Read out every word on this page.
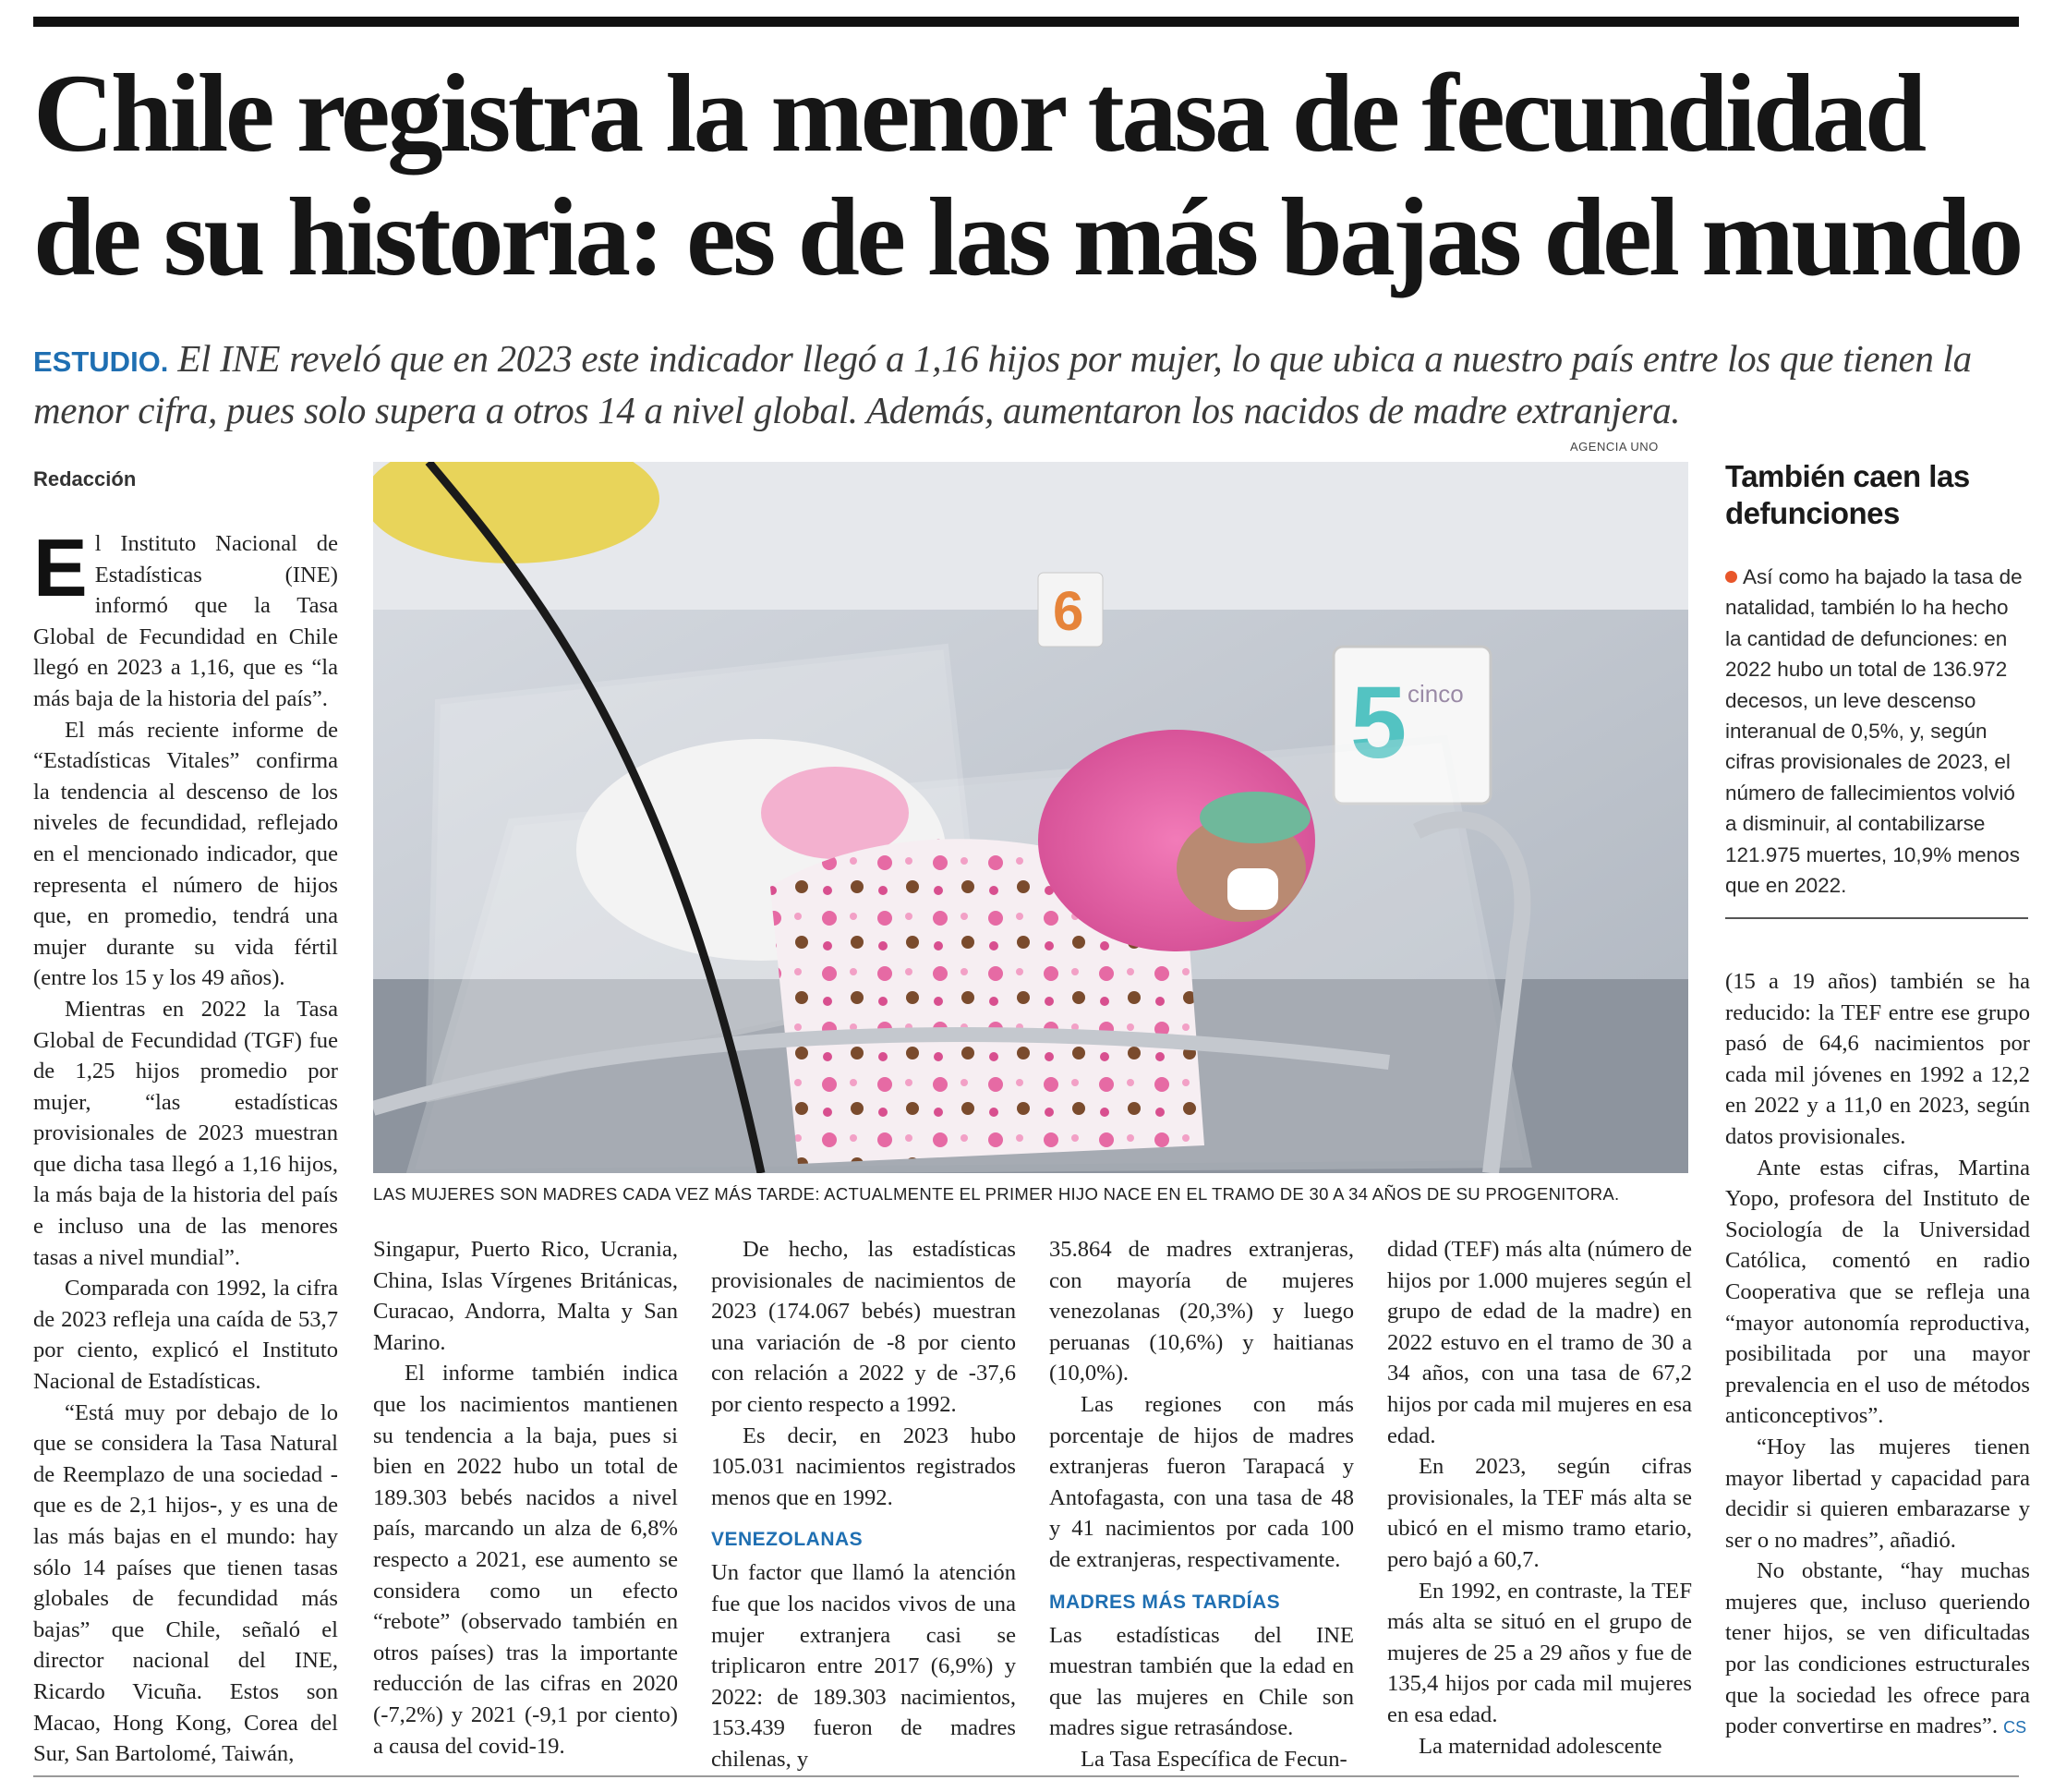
Chile registra la menor tasa de fecundidad
de su historia: es de las más bajas del mundo

ESTUDIO. El INE reveló que en 2023 este indicador llegó a 1,16 hijos por mujer, lo que ubica a nuestro país entre los que tienen la menor cifra, pues solo supera a otros 14 a nivel global. Además, aumentaron los nacidos de madre extranjera.

Redacción

El Instituto Nacional de Estadísticas (INE) informó que la Tasa Global de Fecundidad en Chile llegó en 2023 a 1,16, que es “la más baja de la historia del país”.

El más reciente informe de “Estadísticas Vitales” confirma la tendencia al descenso de los niveles de fecundidad, reflejado en el mencionado indicador, que representa el número de hijos que, en promedio, tendrá una mujer durante su vida fértil (entre los 15 y los 49 años).

Mientras en 2022 la Tasa Global de Fecundidad (TGF) fue de 1,25 hijos promedio por mujer, “las estadísticas provisionales de 2023 muestran que dicha tasa llegó a 1,16 hijos, la más baja de la historia del país e incluso una de las menores tasas a nivel mundial”.

Comparada con 1992, la cifra de 2023 refleja una caída de 53,7 por ciento, explicó el Instituto Nacional de Estadísticas.

“Está muy por debajo de lo que se considera la Tasa Natural de Reemplazo de una sociedad -que es de 2,1 hijos-, y es una de las más bajas en el mundo: hay sólo 14 países que tienen tasas globales de fecundidad más bajas” que Chile, señaló el director nacional del INE, Ricardo Vicuña. Estos son Macao, Hong Kong, Corea del Sur, San Bartolomé, Taiwán,

AGENCIA UNO
6
5 cinco
LAS MUJERES SON MADRES CADA VEZ MÁS TARDE: ACTUALMENTE EL PRIMER HIJO NACE EN EL TRAMO DE 30 A 34 AÑOS DE SU PROGENITORA.

Singapur, Puerto Rico, Ucrania, China, Islas Vírgenes Británicas, Curacao, Andorra, Malta y San Marino.

El informe también indica que los nacimientos mantienen su tendencia a la baja, pues si bien en 2022 hubo un total de 189.303 bebés nacidos a nivel país, marcando un alza de 6,8% respecto a 2021, ese aumento se considera como un efecto “rebote” (observado también en otros países) tras la importante reducción de las cifras en 2020 (-7,2%) y 2021 (-9,1 por ciento) a causa del covid-19.

De hecho, las estadísticas provisionales de nacimientos de 2023 (174.067 bebés) muestran una variación de -8 por ciento con relación a 2022 y de -37,6 por ciento respecto a 1992.

Es decir, en 2023 hubo 105.031 nacimientos registrados menos que en 1992.

VENEZOLANAS

Un factor que llamó la atención fue que los nacidos vivos de una mujer extranjera casi se triplicaron entre 2017 (6,9%) y 2022: de 189.303 nacimientos, 153.439 fueron de madres chilenas, y

35.864 de madres extranjeras, con mayoría de mujeres venezolanas (20,3%) y luego peruanas (10,6%) y haitianas (10,0%).

Las regiones con más porcentaje de hijos de madres extranjeras fueron Tarapacá y Antofagasta, con una tasa de 48 y 41 nacimientos por cada 100 de extranjeras, respectivamente.

MADRES MÁS TARDÍAS

Las estadísticas del INE muestran también que la edad en que las mujeres en Chile son madres sigue retrasándose.

La Tasa Específica de Fecun-

didad (TEF) más alta (número de hijos por 1.000 mujeres según el grupo de edad de la madre) en 2022 estuvo en el tramo de 30 a 34 años, con una tasa de 67,2 hijos por cada mil mujeres en esa edad.

En 2023, según cifras provisionales, la TEF más alta se ubicó en el mismo tramo etario, pero bajó a 60,7.

En 1992, en contraste, la TEF más alta se situó en el grupo de mujeres de 25 a 29 años y fue de 135,4 hijos por cada mil mujeres en esa edad.

La maternidad adolescente

También caen las defunciones

Así como ha bajado la tasa de natalidad, también lo ha hecho la cantidad de defunciones: en 2022 hubo un total de 136.972 decesos, un leve descenso interanual de 0,5%, y, según cifras provisionales de 2023, el número de fallecimientos volvió a disminuir, al contabilizarse 121.975 muertes, 10,9% menos que en 2022.

(15 a 19 años) también se ha reducido: la TEF entre ese grupo pasó de 64,6 nacimientos por cada mil jóvenes en 1992 a 12,2 en 2022 y a 11,0 en 2023, según datos provisionales.

Ante estas cifras, Martina Yopo, profesora del Instituto de Sociología de la Universidad Católica, comentó en radio Cooperativa que se refleja una “mayor autonomía reproductiva, posibilitada por una mayor prevalencia en el uso de métodos anticonceptivos”.

“Hoy las mujeres tienen mayor libertad y capacidad para decidir si quieren embarazarse y ser o no madres”, añadió.

No obstante, “hay muchas mujeres que, incluso queriendo tener hijos, se ven dificultadas por las condiciones estructurales que la sociedad les ofrece para poder convertirse en madres”. CS
